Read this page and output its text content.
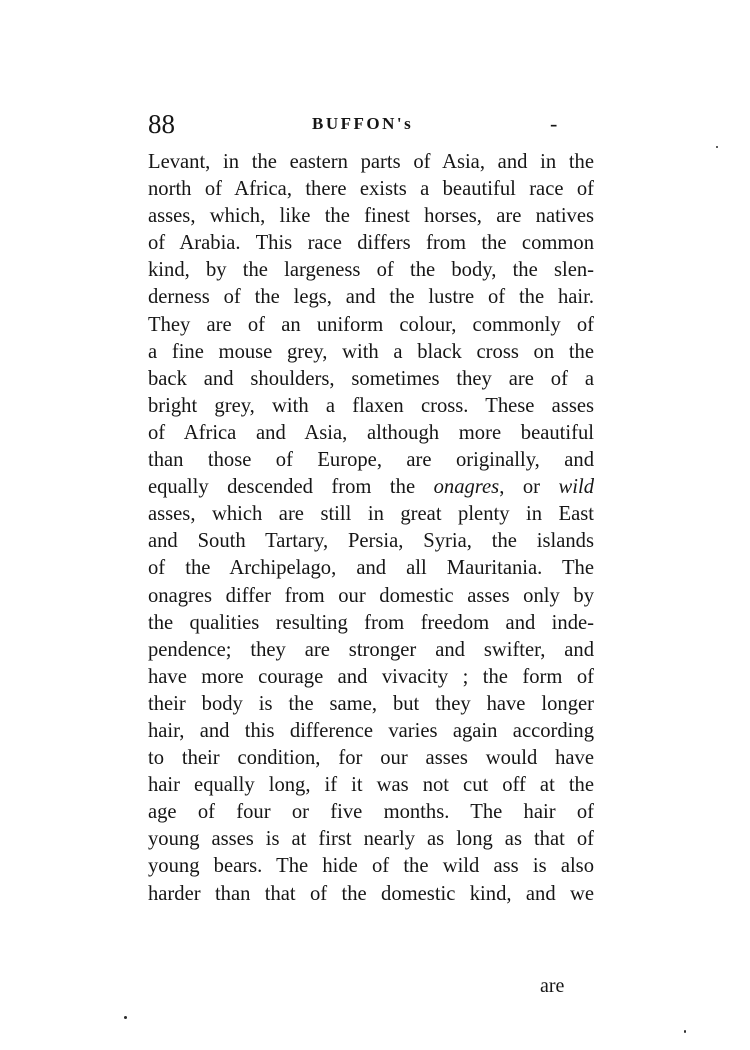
88	BUFFON's	-
Levant, in the eastern parts of Asia, and in the
north of Africa, there exists a beautiful race of
asses, which, like the finest horses, are natives
of Arabia. This race differs from the common
kind, by the largeness of the body, the slen-
derness of the legs, and the lustre of the hair.
They are of an uniform colour, commonly of
a fine mouse grey, with a black cross on the
back and shoulders, sometimes they are of a
bright grey, with a flaxen cross. These asses
of Africa and Asia, although more beautiful
than those of Europe, are originally, and
equally descended from the onagres, or wild
asses, which are still in great plenty in East
and South Tartary, Persia, Syria, the islands
of the Archipelago, and all Mauritania. The
onagres differ from our domestic asses only by
the qualities resulting from freedom and inde-
pendence; they are stronger and swifter, and
have more courage and vivacity ; the form of
their body is the same, but they have longer
hair, and this difference varies again according
to their condition, for our asses would have
hair equally long, if it was not cut off at the
age of four or five months. The hair of
young asses is at first nearly as long as that of
young bears. The hide of the wild ass is also
harder than that of the domestic kind, and we
are
